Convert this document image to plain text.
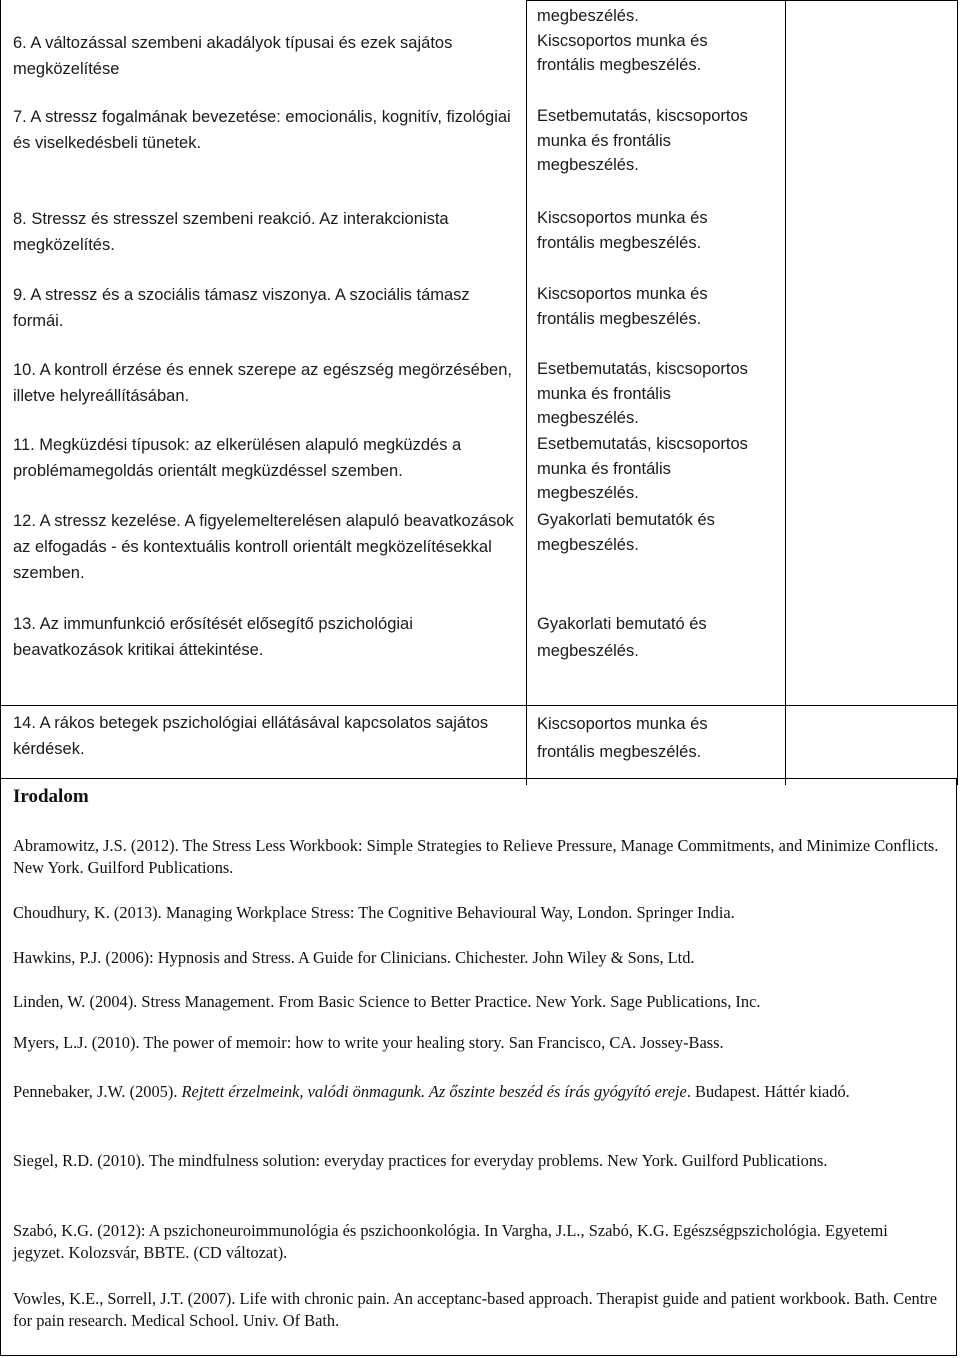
6. A változással szembeni akadályok típusai és ezek sajátos megközelítése
megbeszélés.
Kiscsoportos munka és
frontális megbeszélés.
7. A stressz fogalmának bevezetése: emocionális, kognitív, fizológiai és viselkedésbeli tünetek.
Esetbemutatás, kiscsoportos
munka és frontális
megbeszélés.
8. Stressz és stresszel szembeni reakció. Az interakcionista megközelítés.
Kiscsoportos munka és
frontális megbeszélés.
9. A stressz és a szociális támasz viszonya. A szociális támasz formái.
Kiscsoportos munka és
frontális megbeszélés.
10. A kontroll érzése és ennek szerepe az egészség megörzésében, illetve helyreállításában.
Esetbemutatás, kiscsoportos
munka és frontális
megbeszélés.
11. Megküzdési típusok: az elkerülésen alapuló megküzdés a problémamegoldás orientált megküzdéssel szemben.
Esetbemutatás, kiscsoportos
munka és frontális
megbeszélés.
12. A stressz kezelése. A figyelemelterelésen alapuló beavatkozások az elfogadás - és kontextuális kontroll orientált megközelítésekkal szemben.
Gyakorlati bemutatók és
megbeszélés.
13. Az immunfunkció erősítését elősegítő pszichológiai beavatkozások kritikai áttekintése.
Gyakorlati bemutató és
megbeszélés.
14. A rákos betegek pszichológiai ellátásával kapcsolatos sajátos kérdések.
Kiscsoportos munka és
frontális megbeszélés.
Irodalom
Abramowitz, J.S. (2012). The Stress Less Workbook: Simple Strategies to Relieve Pressure, Manage Commitments, and Minimize Conflicts. New York. Guilford Publications.
Choudhury, K. (2013). Managing Workplace Stress: The Cognitive Behavioural Way, London. Springer India.
Hawkins, P.J. (2006): Hypnosis and Stress. A Guide for Clinicians. Chichester. John Wiley & Sons, Ltd.
Linden, W. (2004). Stress Management. From Basic Science to Better Practice. New York. Sage Publications, Inc.
Myers, L.J. (2010). The power of memoir: how to write your healing story. San Francisco, CA. Jossey-Bass.
Pennebaker, J.W. (2005). Rejtett érzelmeink, valódi önmagunk. Az őszinte beszéd és írás gyógyító ereje. Budapest. Háttér kiadó.
Siegel, R.D. (2010). The mindfulness solution: everyday practices for everyday problems. New York. Guilford Publications.
Szabó, K.G. (2012): A pszichoneuroimmunológia és pszichoonkológia. In Vargha, J.L., Szabó, K.G. Egészségpszichológia. Egyetemi jegyzet. Kolozsvár, BBTE. (CD változat).
Vowles, K.E., Sorrell, J.T. (2007). Life with chronic pain. An acceptanc-based approach. Therapist guide and patient workbook. Bath. Centre for pain research. Medical School. Univ. Of Bath.
